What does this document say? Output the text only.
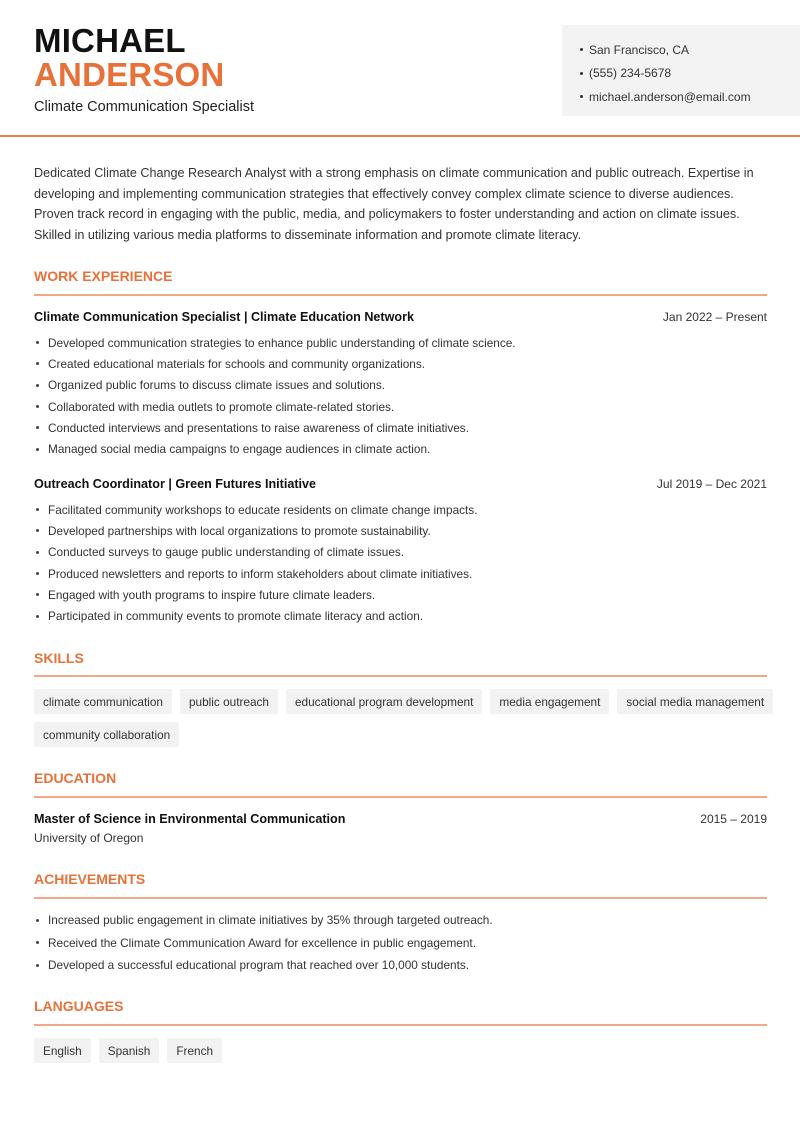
MICHAEL
ANDERSON
Climate Communication Specialist
San Francisco, CA
(555) 234-5678
michael.anderson@email.com

Dedicated Climate Change Research Analyst with a strong emphasis on climate communication and public outreach. Expertise in developing and implementing communication strategies that effectively convey complex climate science to diverse audiences. Proven track record in engaging with the public, media, and policymakers to foster understanding and action on climate issues. Skilled in utilizing various media platforms to disseminate information and promote climate literacy.

WORK EXPERIENCE
Climate Communication Specialist | Climate Education Network	Jan 2022 – Present
Developed communication strategies to enhance public understanding of climate science.
Created educational materials for schools and community organizations.
Organized public forums to discuss climate issues and solutions.
Collaborated with media outlets to promote climate-related stories.
Conducted interviews and presentations to raise awareness of climate initiatives.
Managed social media campaigns to engage audiences in climate action.
Outreach Coordinator | Green Futures Initiative	Jul 2019 – Dec 2021
Facilitated community workshops to educate residents on climate change impacts.
Developed partnerships with local organizations to promote sustainability.
Conducted surveys to gauge public understanding of climate issues.
Produced newsletters and reports to inform stakeholders about climate initiatives.
Engaged with youth programs to inspire future climate leaders.
Participated in community events to promote climate literacy and action.
SKILLS
climate communication	public outreach	educational program development	media engagement	social media management
community collaboration
EDUCATION
Master of Science in Environmental Communication	2015 – 2019
University of Oregon
ACHIEVEMENTS
Increased public engagement in climate initiatives by 35% through targeted outreach.
Received the Climate Communication Award for excellence in public engagement.
Developed a successful educational program that reached over 10,000 students.
LANGUAGES
English	Spanish	French
